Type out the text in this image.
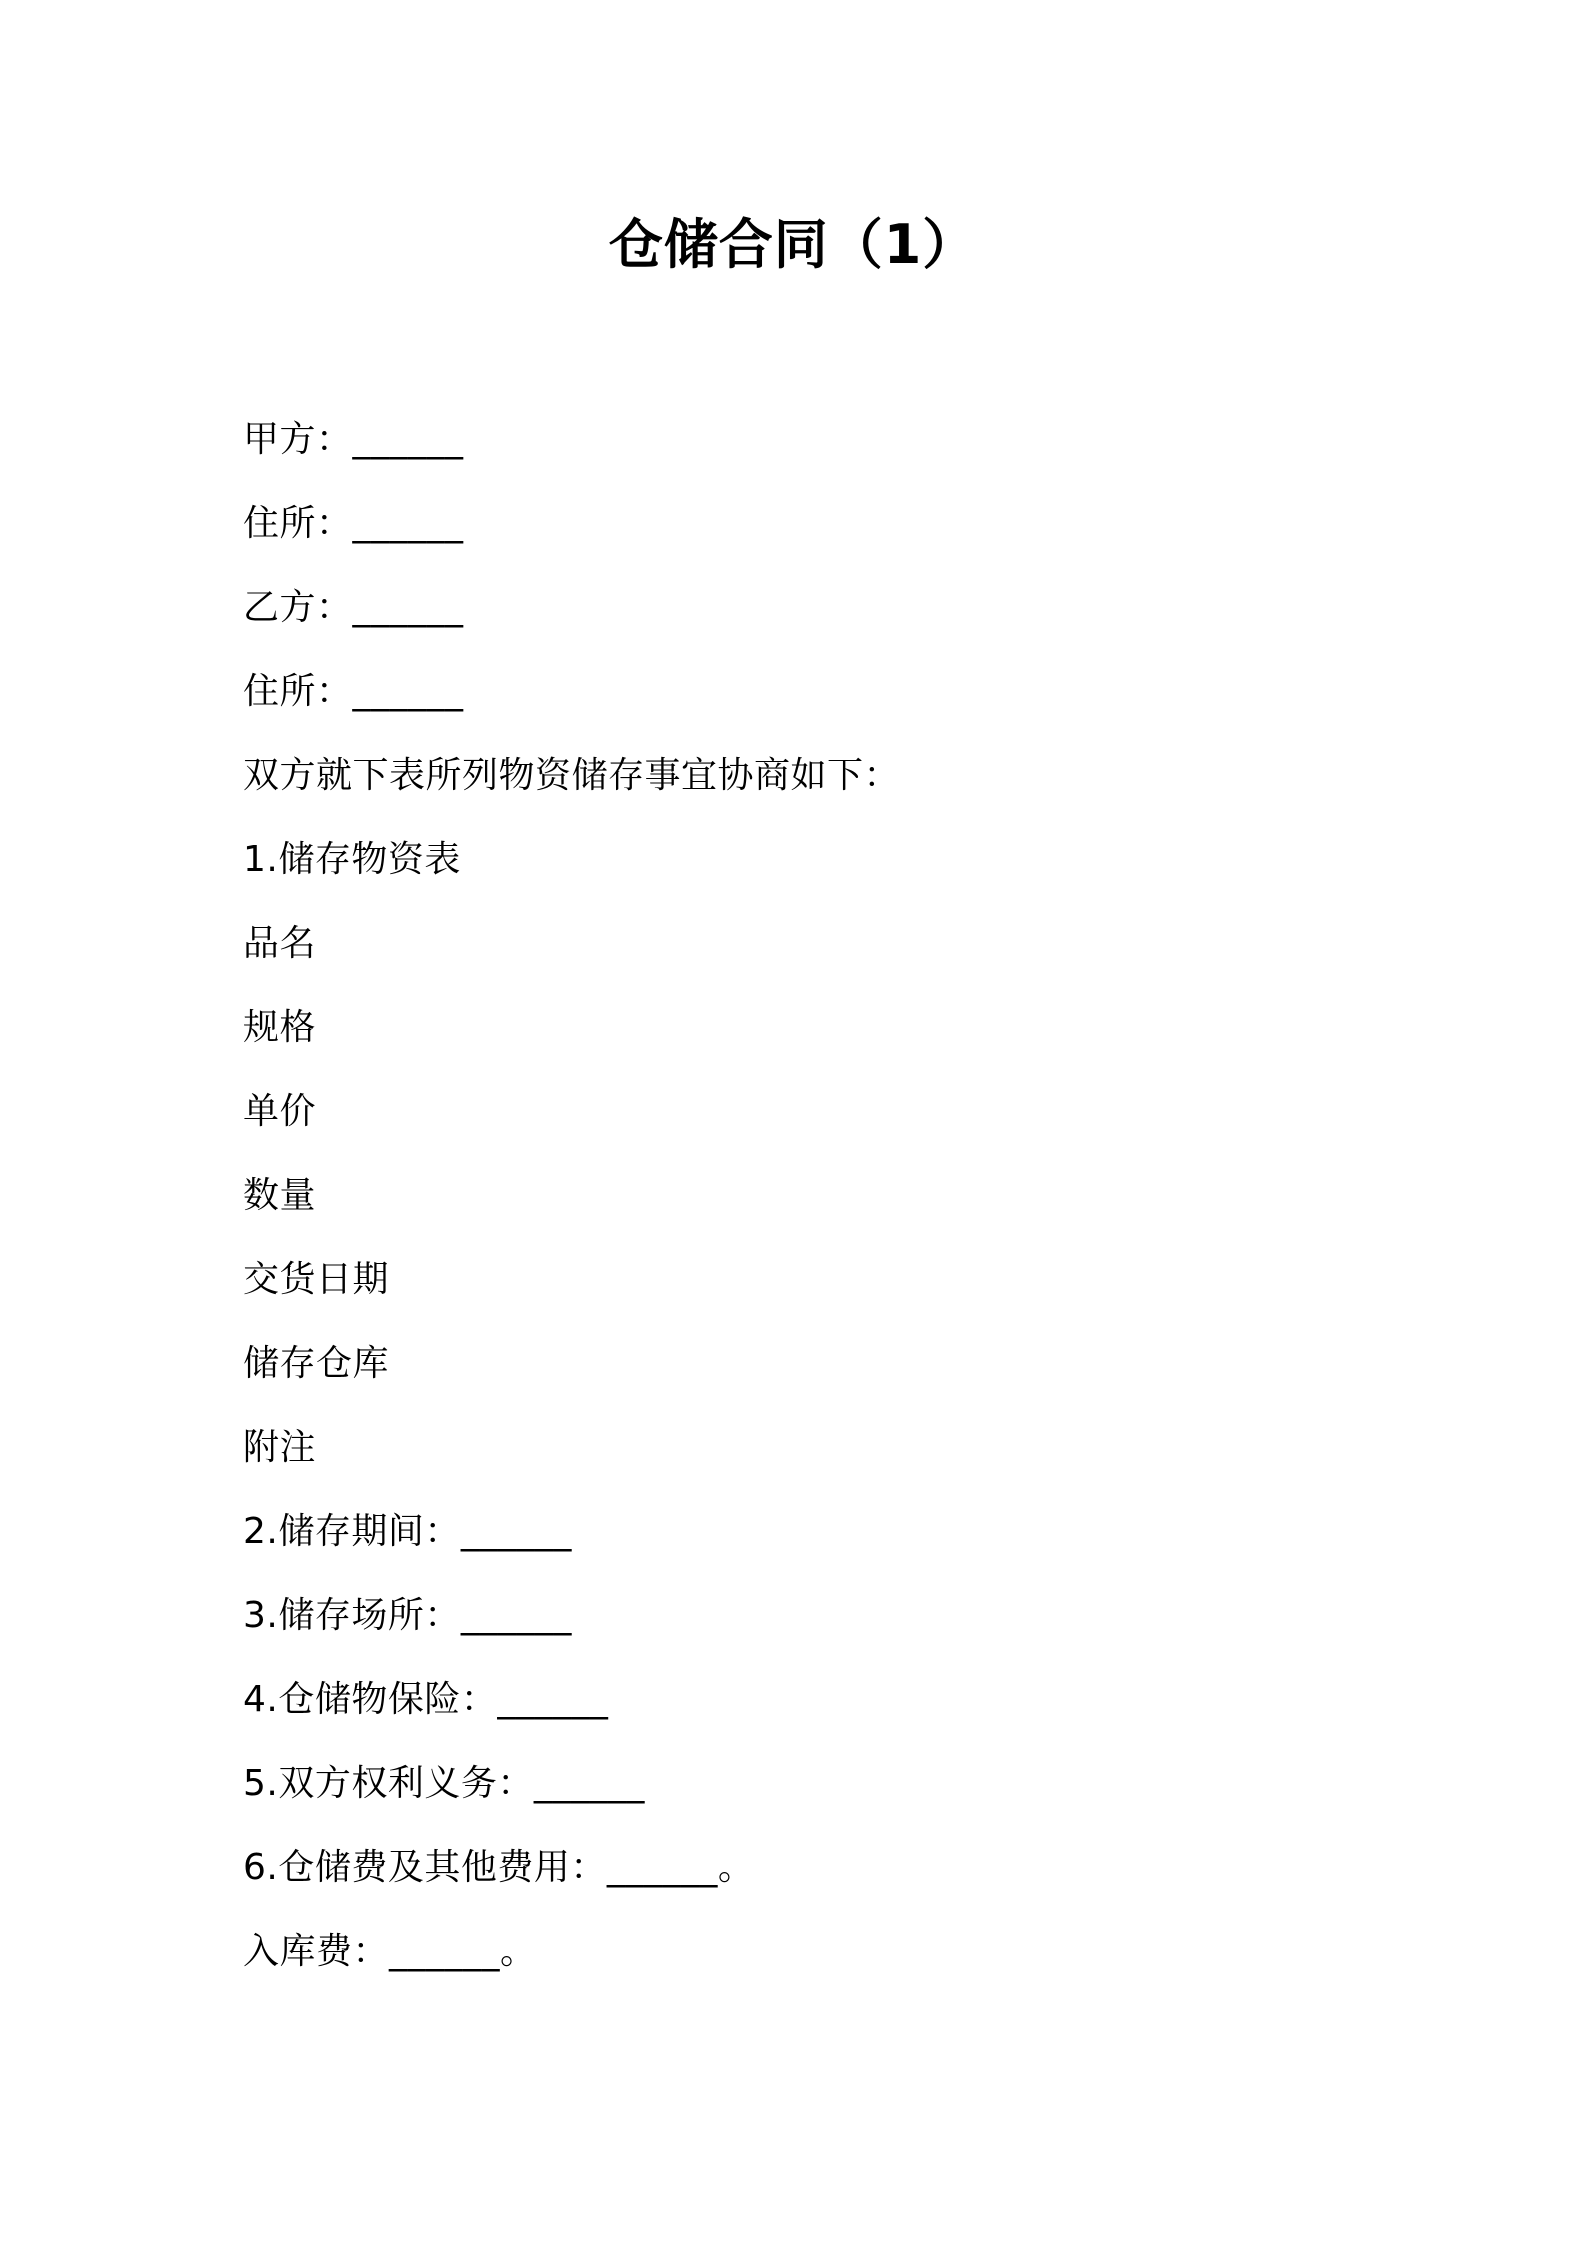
仓储合同（1）
甲方：______
住所：______
乙方：______
住所：______
双方就下表所列物资储存事宜协商如下：
1.储存物资表
品名
规格
单价
数量
交货日期
储存仓库
附注
2.储存期间：______
3.储存场所：______
4.仓储物保险：______
5.双方权利义务：______
6.仓储费及其他费用：______。
入库费：______。
